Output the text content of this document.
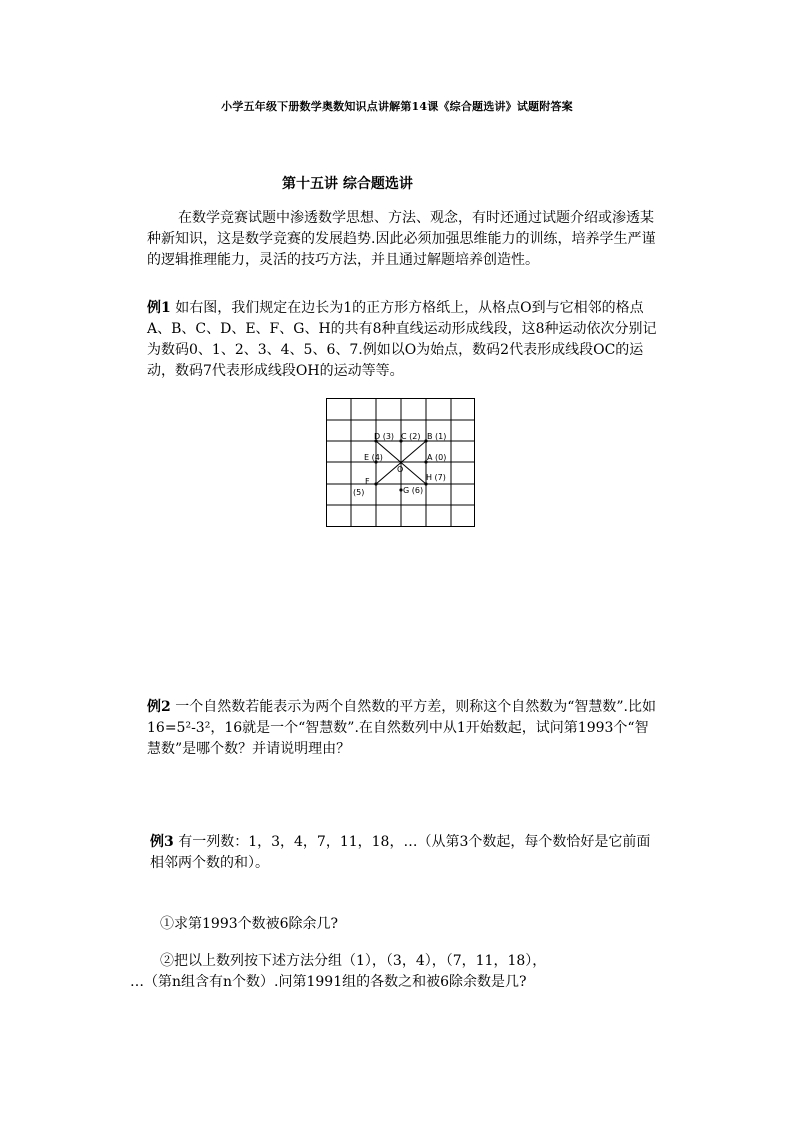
小学五年级下册数学奥数知识点讲解第14课《综合题选讲》试题附答案
第十五讲 综合题选讲
在数学竞赛试题中渗透数学思想、方法、观念，有时还通过试题介绍或渗透某种新知识，这是数学竞赛的发展趋势.因此必须加强思维能力的训练，培养学生严谨的逻辑推理能力，灵活的技巧方法，并且通过解题培养创造性。
例1 如右图，我们规定在边长为1的正方形方格纸上，从格点O到与它相邻的格点A、B、C、D、E、F、G、H的共有8种直线运动形成线段，这8种运动依次分别记为数码0、1、2、3、4、5、6、7.例如以O为始点，数码2代表形成线段OC的运动，数码7代表形成线段OH的运动等等。
D (3) C (2) B (1)
E (4)
O
A (0)
H (7)
F
(5)	G (6)
例2 一个自然数若能表示为两个自然数的平方差，则称这个自然数为“智慧数”.比如16=5²-3²，16就是一个“智慧数”.在自然数列中从1开始数起，试问第1993个“智慧数”是哪个数？并请说明理由？
例3 有一列数：1，3，4，7，11，18，…（从第3个数起，每个数恰好是它前面相邻两个数的和）。
①求第1993个数被6除余几?
②把以上数列按下述方法分组（1），（3，4），（7，11，18），
…（第n组含有n个数）.问第1991组的各数之和被6除余数是几?
